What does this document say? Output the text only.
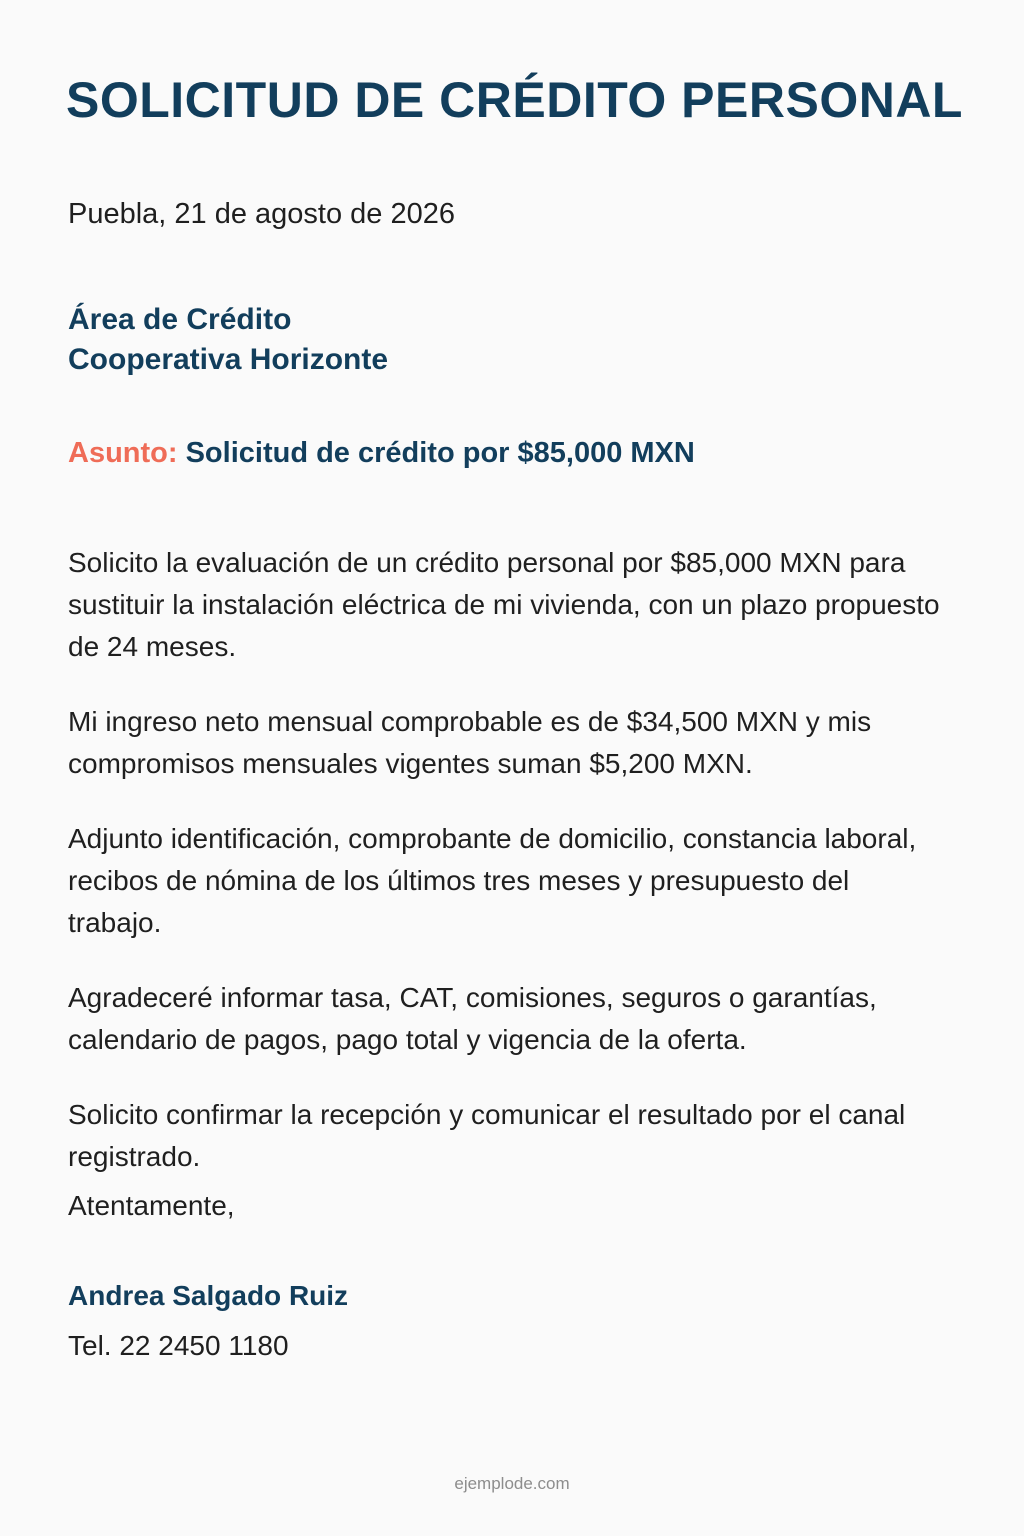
SOLICITUD DE CRÉDITO PERSONAL
Puebla, 21 de agosto de 2026
Área de Crédito
Cooperativa Horizonte
Asunto: Solicitud de crédito por $85,000 MXN

Solicito la evaluación de un crédito personal por $85,000 MXN para sustituir la instalación eléctrica de mi vivienda, con un plazo propuesto de 24 meses.

Mi ingreso neto mensual comprobable es de $34,500 MXN y mis compromisos mensuales vigentes suman $5,200 MXN.

Adjunto identificación, comprobante de domicilio, constancia laboral, recibos de nómina de los últimos tres meses y presupuesto del trabajo.

Agradeceré informar tasa, CAT, comisiones, seguros o garantías, calendario de pagos, pago total y vigencia de la oferta.

Solicito confirmar la recepción y comunicar el resultado por el canal registrado.

Atentamente,
Andrea Salgado Ruiz
Tel. 22 2450 1180
ejemplode.com
